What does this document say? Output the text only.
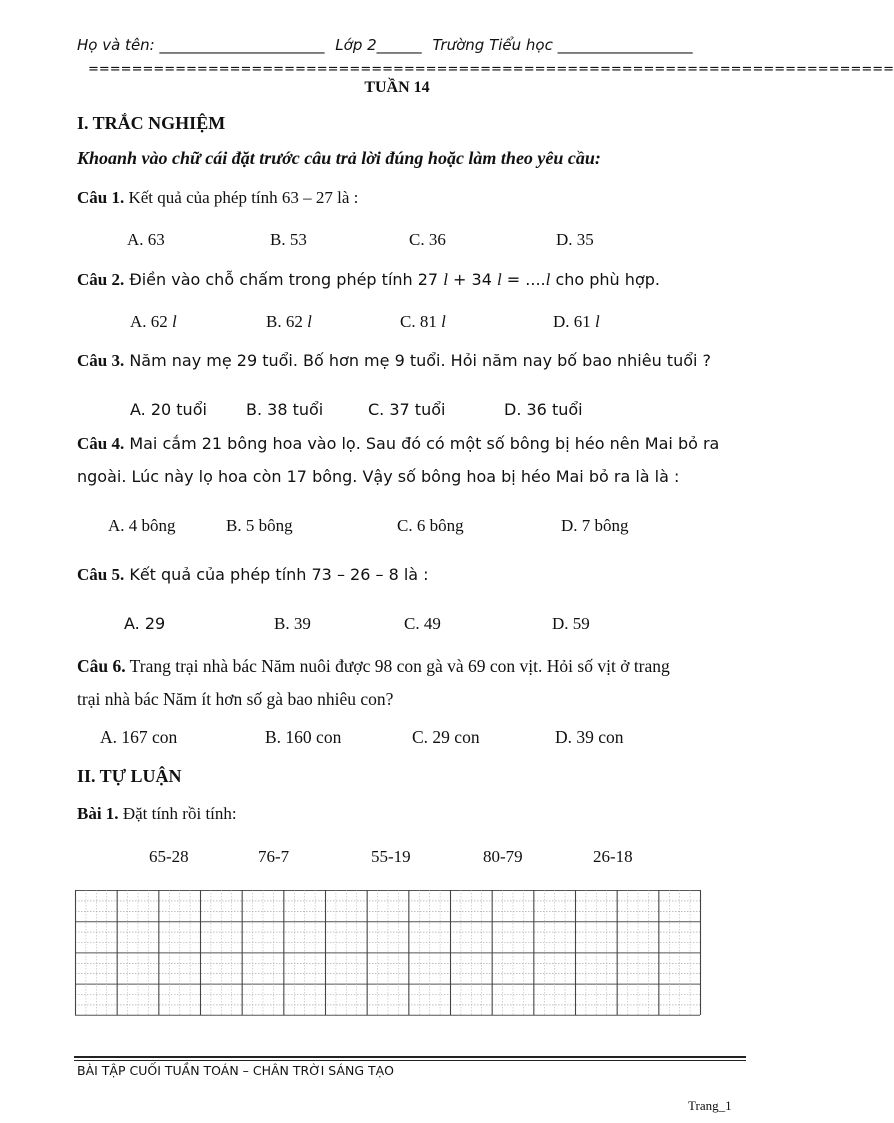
Họ và tên: ______________________ Lớp 2______ Trường Tiểu học __________________
==========================================================================
TUẦN 14
I. TRẮC NGHIỆM
Khoanh vào chữ cái đặt trước câu trả lời đúng hoặc làm theo yêu cầu:
Câu 1. Kết quả của phép tính 63 – 27 là :
A. 63	B. 53	C. 36	D. 35
Câu 2. Điền vào chỗ chấm trong phép tính 27 l + 34 l = ....l cho phù hợp.
A. 62 l	B. 62 l	C. 81 l	D. 61 l
Câu 3. Năm nay mẹ 29 tuổi. Bố hơn mẹ 9 tuổi. Hỏi năm nay bố bao nhiêu tuổi ?
A. 20 tuổi B. 38 tuổi	C. 37 tuổi	D. 36 tuổi
Câu 4. Mai cắm 21 bông hoa vào lọ. Sau đó có một số bông bị héo nên Mai bỏ ra
ngoài. Lúc này lọ hoa còn 17 bông. Vậy số bông hoa bị héo Mai bỏ ra là là :
A. 4 bông	B. 5 bông	C. 6 bông	D. 7 bông
Câu 5. Kết quả của phép tính 73 – 26 – 8 là :
A. 29	B. 39	C. 49	D. 59
Câu 6. Trang trại nhà bác Năm nuôi được 98 con gà và 69 con vịt. Hỏi số vịt ở trang
trại nhà bác Năm ít hơn số gà bao nhiêu con?
A. 167 con	B. 160 con	C. 29 con	D. 39 con
II. TỰ LUẬN
Bài 1. Đặt tính rồi tính:
65-28	76-7	55-19	80-79	26-18
BÀI TẬP CUỐI TUẦN TOÁN – CHÂN TRỜI SÁNG TẠO
Trang_1
